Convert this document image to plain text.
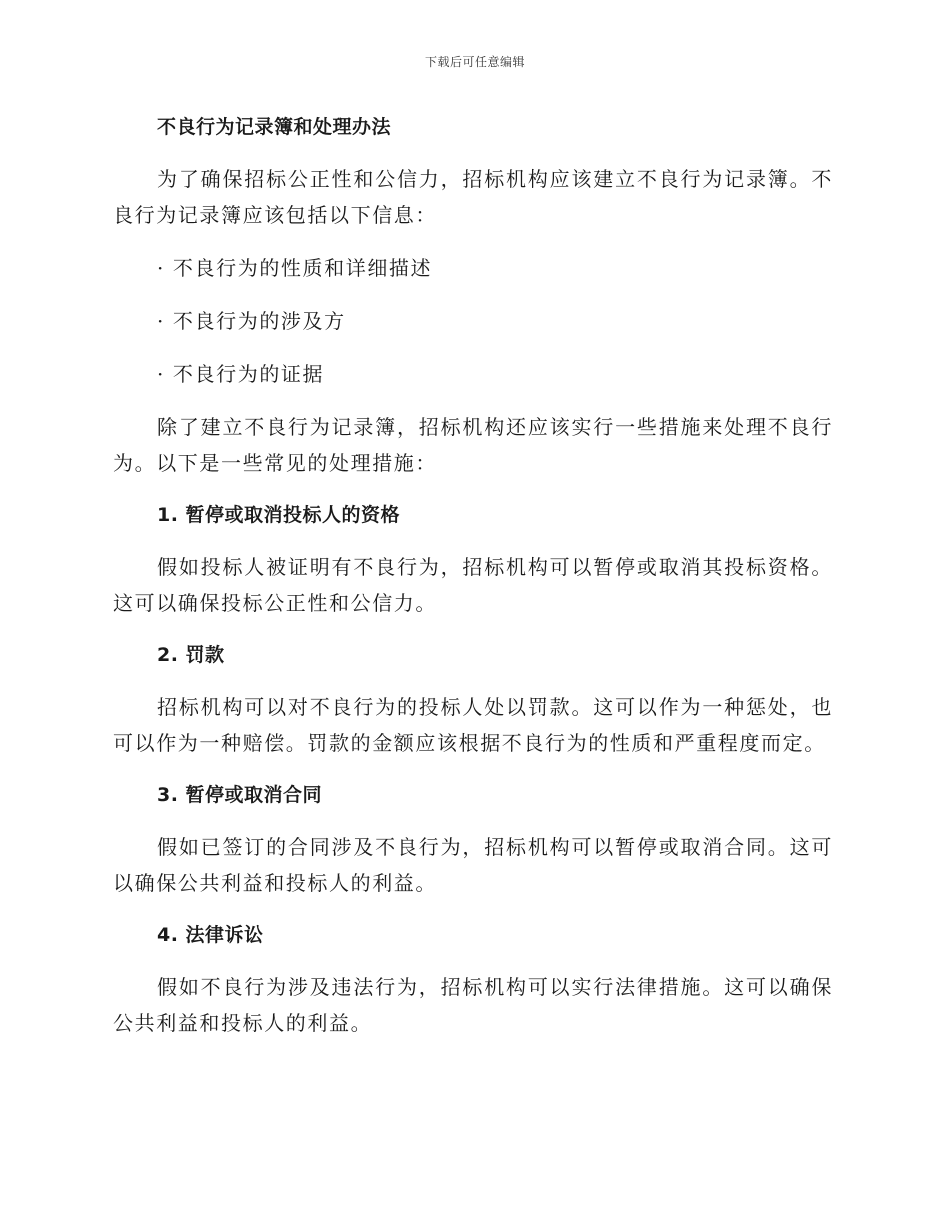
下载后可任意编辑
不良行为记录簿和处理办法
为了确保招标公正性和公信力，招标机构应该建立不良行为记录簿。不良行为记录簿应该包括以下信息：
· 不良行为的性质和详细描述
· 不良行为的涉及方
· 不良行为的证据
除了建立不良行为记录簿，招标机构还应该实行一些措施来处理不良行为。以下是一些常见的处理措施：
1. 暂停或取消投标人的资格
假如投标人被证明有不良行为，招标机构可以暂停或取消其投标资格。这可以确保投标公正性和公信力。
2. 罚款
招标机构可以对不良行为的投标人处以罚款。这可以作为一种惩处，也可以作为一种赔偿。罚款的金额应该根据不良行为的性质和严重程度而定。
3. 暂停或取消合同
假如已签订的合同涉及不良行为，招标机构可以暂停或取消合同。这可以确保公共利益和投标人的利益。
4. 法律诉讼
假如不良行为涉及违法行为，招标机构可以实行法律措施。这可以确保公共利益和投标人的利益。
